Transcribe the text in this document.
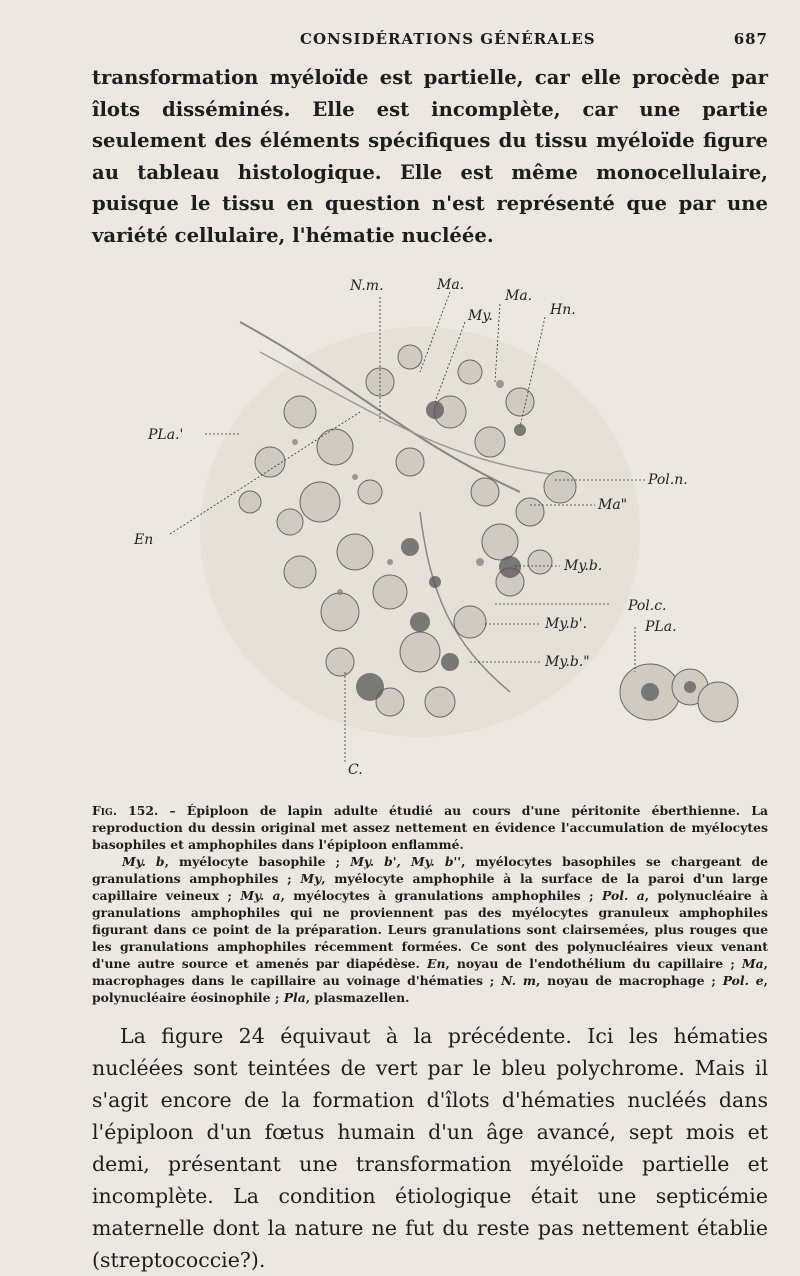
CONSIDÉRATIONS GÉNÉRALES	687

transformation myéloïde est partielle, car elle procède par îlots disséminés. Elle est incomplète, car une partie seulement des éléments spécifiques du tissu myéloïde figure au tableau histologique. Elle est même monocellulaire, puisque le tissu en question n'est représenté que par une variété cellulaire, l'hématie nucléée.

N.m.	Ma.
Ma.
My.	Hn.
PLa.'
Pol.n.
Ma"
En
My.b.
Pol.c.
PLa.
My.b'.
My.b."
C.

Fig. 152. – Épiploon de lapin adulte étudié au cours d'une péritonite éberthienne. La reproduction du dessin original met assez nettement en évidence l'accumulation de myélocytes basophiles et amphophiles dans l'épiploon enflammé.

My. b, myélocyte basophile ; My. b', My. b'', myélocytes basophiles se chargeant de granulations amphophiles ; My, myélocyte amphophile à la surface de la paroi d'un large capillaire veineux ; My. a, myélocytes à granulations amphophiles ; Pol. a, polynucléaire à granulations amphophiles qui ne proviennent pas des myélocytes granuleux amphophiles figurant dans ce point de la préparation. Leurs granulations sont clairsemées, plus rouges que les granulations amphophiles récemment formées. Ce sont des polynucléaires vieux venant d'une autre source et amenés par diapédèse. En, noyau de l'endothélium du capillaire ; Ma, macrophages dans le capillaire au voinage d'hématies ; N. m, noyau de macrophage ; Pol. e, polynucléaire éosinophile ; Pla, plasmazellen.

La figure 24 équivaut à la précédente. Ici les hématies nucléées sont teintées de vert par le bleu polychrome. Mais il s'agit encore de la formation d'îlots d'hématies nucléés dans l'épiploon d'un fœtus humain d'un âge avancé, sept mois et demi, présentant une transformation myéloïde partielle et incomplète. La condition étiologique était une septicémie maternelle dont la nature ne fut du reste pas nettement établie (streptococcie?).
